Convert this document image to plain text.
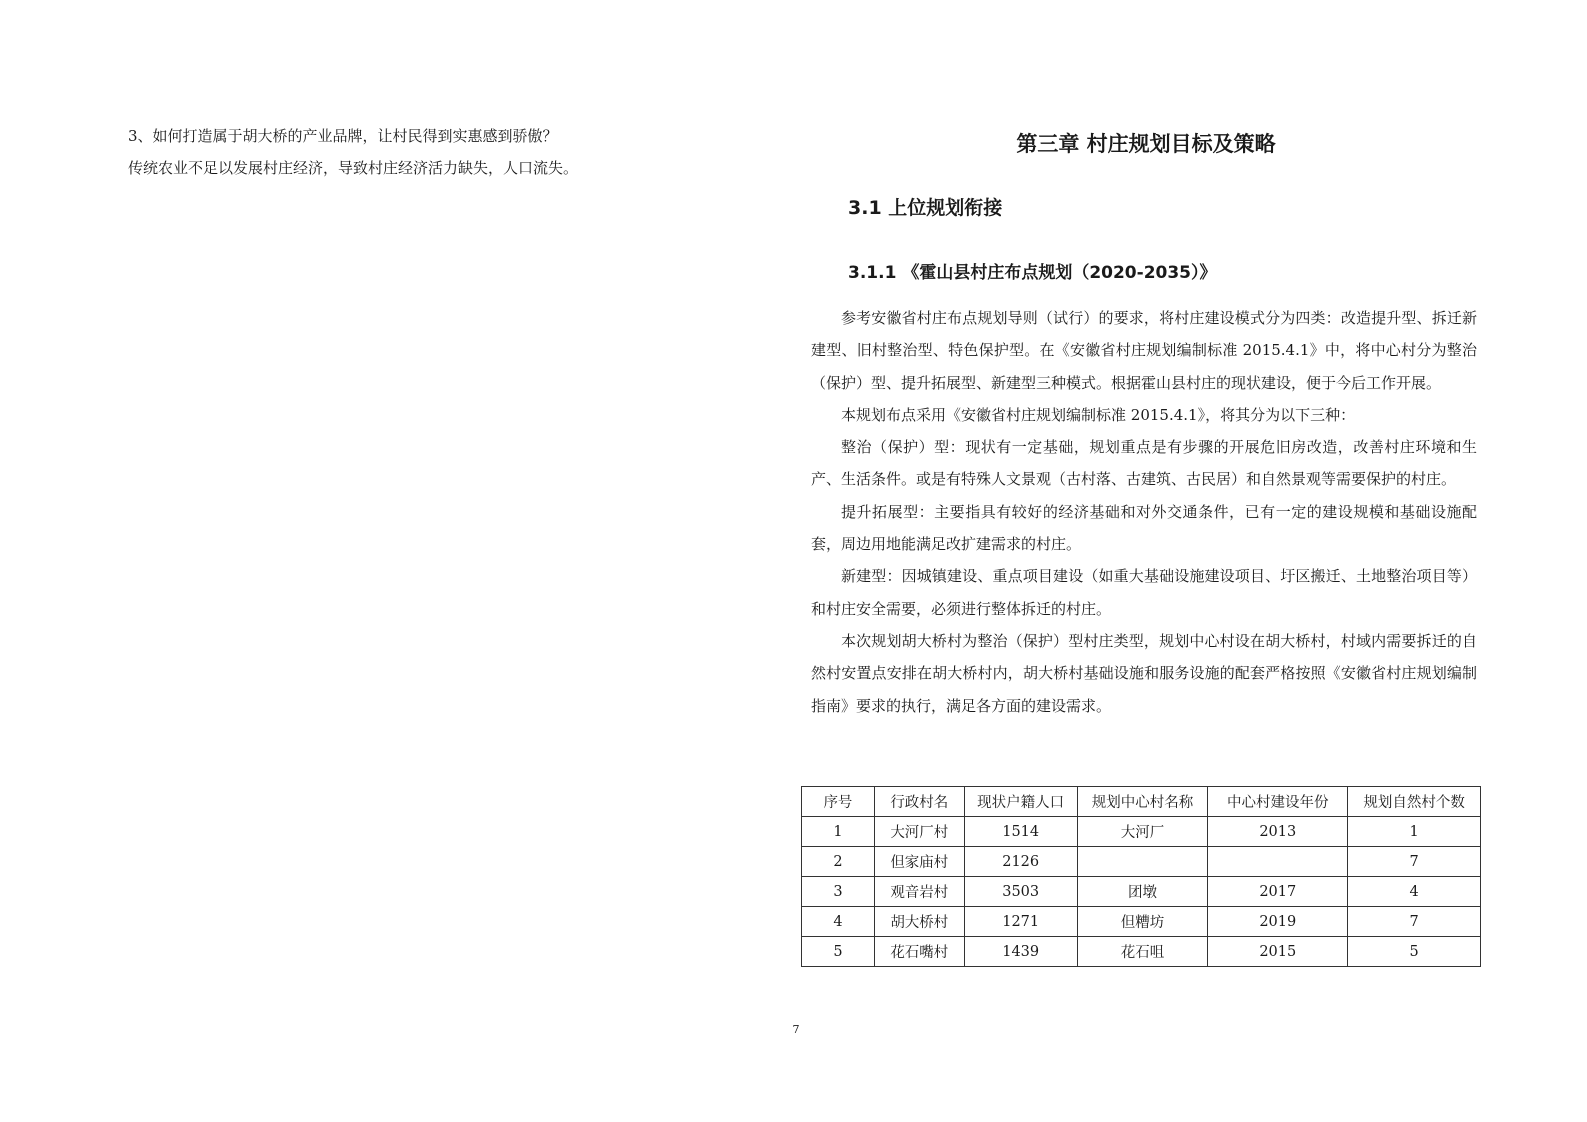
3、如何打造属于胡大桥的产业品牌，让村民得到实惠感到骄傲？

传统农业不足以发展村庄经济，导致村庄经济活力缺失，人口流失。

第三章 村庄规划目标及策略
3.1 上位规划衔接
3.1.1 《霍山县村庄布点规划（2020-2035）》

参考安徽省村庄布点规划导则（试行）的要求，将村庄建设模式分为四类：改造提升型、拆迁新建型、旧村整治型、特色保护型。在《安徽省村庄规划编制标准 2015.4.1》中，将中心村分为整治（保护）型、提升拓展型、新建型三种模式。根据霍山县村庄的现状建设，便于今后工作开展。

本规划布点采用《安徽省村庄规划编制标准 2015.4.1》，将其分为以下三种：

整治（保护）型：现状有一定基础，规划重点是有步骤的开展危旧房改造，改善村庄环境和生产、生活条件。或是有特殊人文景观（古村落、古建筑、古民居）和自然景观等需要保护的村庄。

提升拓展型：主要指具有较好的经济基础和对外交通条件，已有一定的建设规模和基础设施配套，周边用地能满足改扩建需求的村庄。

新建型：因城镇建设、重点项目建设（如重大基础设施建设项目、圩区搬迁、土地整治项目等）和村庄安全需要，必须进行整体拆迁的村庄。

本次规划胡大桥村为整治（保护）型村庄类型，规划中心村设在胡大桥村，村域内需要拆迁的自然村安置点安排在胡大桥村内，胡大桥村基础设施和服务设施的配套严格按照《安徽省村庄规划编制指南》要求的执行，满足各方面的建设需求。

序号	行政村名	现状户籍人口	规划中心村名称	中心村建设年份	规划自然村个数
1	大河厂村	1514	大河厂	2013	1
2	但家庙村	2126			7
3	观音岩村	3503	团墩	2017	4
4	胡大桥村	1271	但糟坊	2019	7
5	花石嘴村	1439	花石咀	2015	5
7
